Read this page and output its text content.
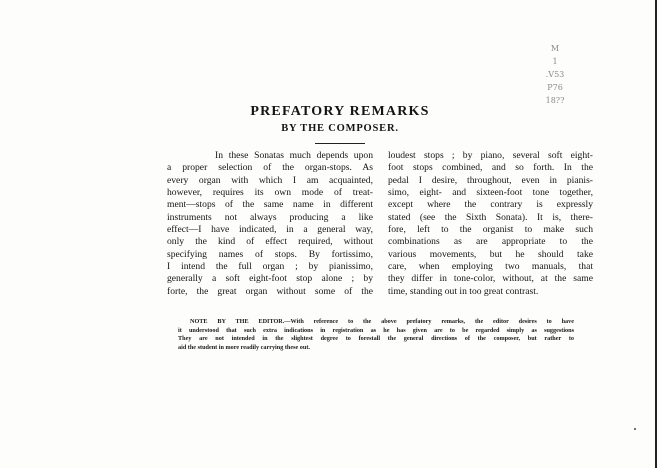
M
1
.V53
P76
18??
PREFATORY REMARKS
BY THE COMPOSER.
In these Sonatas much depends upon
a proper selection of the organ-stops. As
every organ with which I am acquainted,
however, requires its own mode of treat-
ment—stops of the same name in different
instruments not always producing a like
effect—I have indicated, in a general way,
only the kind of effect required, without
specifying names of stops. By fortissimo,
I intend the full organ ; by pianissimo,
generally a soft eight-foot stop alone ; by
forte, the great organ without some of the
loudest stops ; by piano, several soft eight-
foot stops combined, and so forth. In the
pedal I desire, throughout, even in pianis-
simo, eight- and sixteen-foot tone together,
except where the contrary is expressly
stated (see the Sixth Sonata). It is, there-
fore, left to the organist to make such
combinations as are appropriate to the
various movements, but he should take
care, when employing two manuals, that
they differ in tone-color, without, at the same
time, standing out in too great contrast.
NOTE BY THE EDITOR.—With reference to the above prefatory remarks, the editor desires to have
it understood that such extra indications in registration as he has given are to be regarded simply as suggestions
They are not intended in the slightest degree to forestall the general directions of the composer, but rather to
aid the student in more readily carrying these out.
